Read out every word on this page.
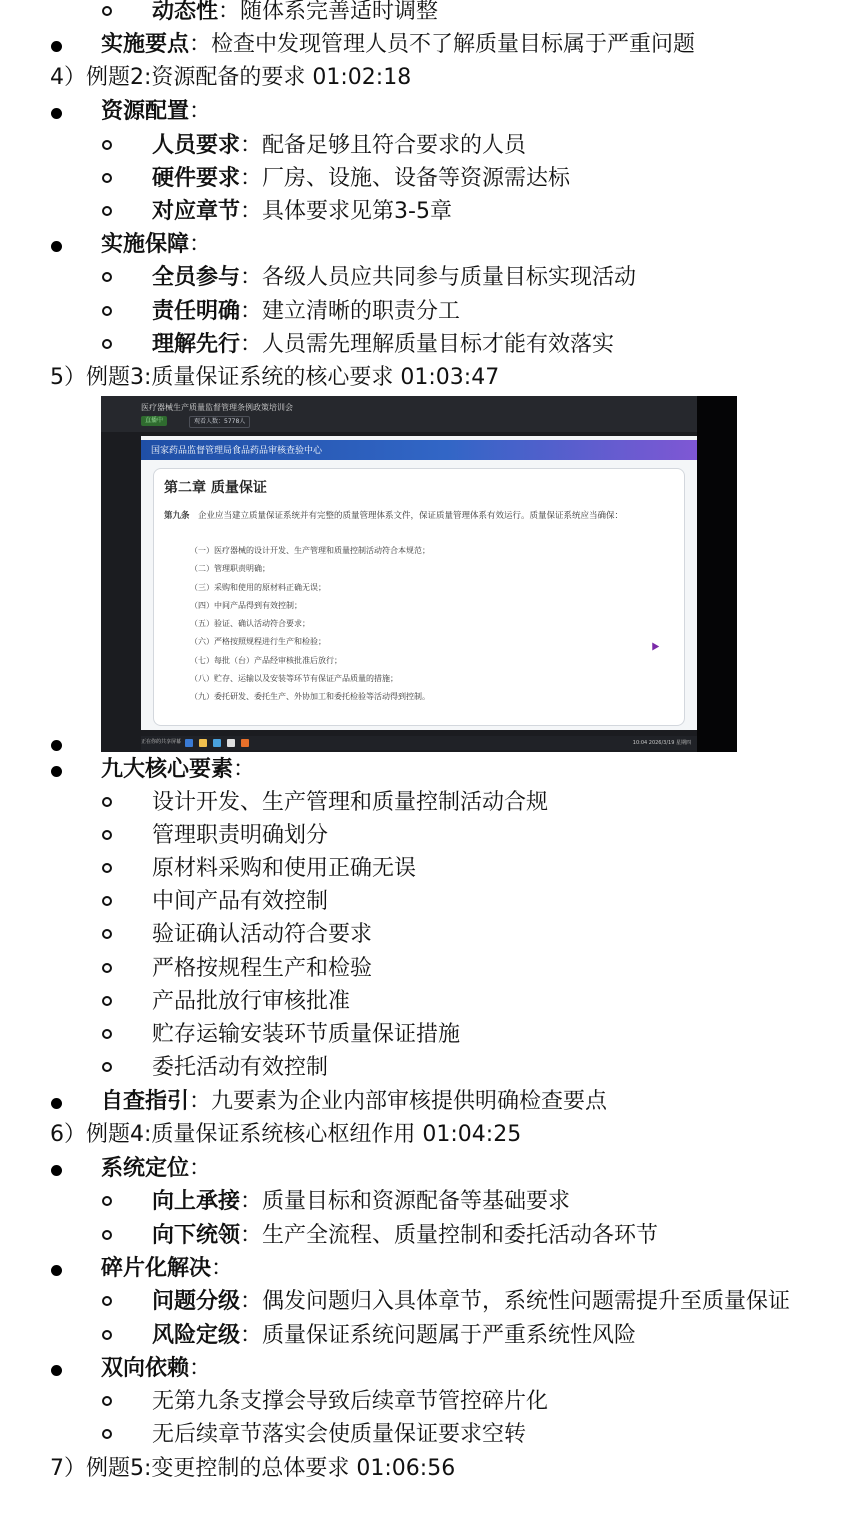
动态性：随体系完善适时调整
实施要点：检查中发现管理人员不了解质量目标属于严重问题
4）例题2:资源配备的要求 01:02:18
资源配置：
人员要求：配备足够且符合要求的人员
硬件要求：厂房、设施、设备等资源需达标
对应章节：具体要求见第3-5章
实施保障：
全员参与：各级人员应共同参与质量目标实现活动
责任明确：建立清晰的职责分工
理解先行：人员需先理解质量目标才能有效落实
5）例题3:质量保证系统的核心要求 01:03:47
医疗器械生产质量监督管理条例政策培训会
直播中	观看人数：5778人
国家药品监督管理局食品药品审核查验中心
第二章 质量保证
第九条　 企业应当建立质量保证系统并有完整的质量管理体系文件，保证质量管理体系有效运行。质量保证系统应当确保：
（一）医疗器械的设计开发、生产管理和质量控制活动符合本规范；
（二）管理职责明确；
（三）采购和使用的原材料正确无误；
（四）中间产品得到有效控制；
（五）验证、确认活动符合要求；
（六）严格按照规程进行生产和检验；
（七）每批（台）产品经审核批准后放行；
（八）贮存、运输以及安装等环节有保证产品质量的措施；
（九）委托研发、委托生产、外协加工和委托检验等活动得到控制。
正在你的共享屏幕	10:04 2026/3/19 星期四
九大核心要素：
设计开发、生产管理和质量控制活动合规
管理职责明确划分
原材料采购和使用正确无误
中间产品有效控制
验证确认活动符合要求
严格按规程生产和检验
产品批放行审核批准
贮存运输安装环节质量保证措施
委托活动有效控制
自查指引：九要素为企业内部审核提供明确检查要点
6）例题4:质量保证系统核心枢纽作用 01:04:25
系统定位：
向上承接：质量目标和资源配备等基础要求
向下统领：生产全流程、质量控制和委托活动各环节
碎片化解决：
问题分级：偶发问题归入具体章节，系统性问题需提升至质量保证
风险定级：质量保证系统问题属于严重系统性风险
双向依赖：
无第九条支撑会导致后续章节管控碎片化
无后续章节落实会使质量保证要求空转
7）例题5:变更控制的总体要求 01:06:56
